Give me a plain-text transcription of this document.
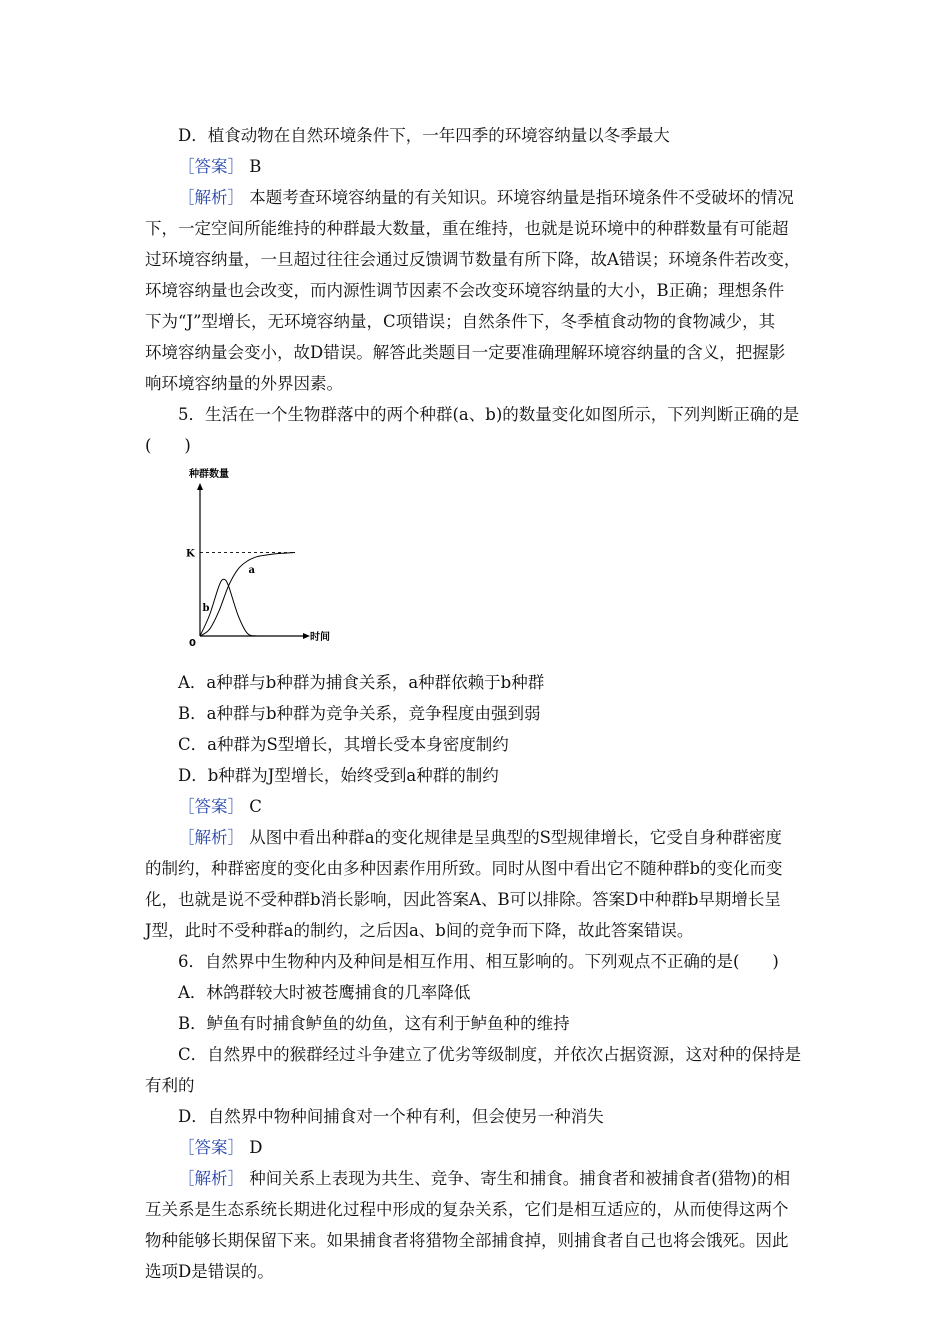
D．植食动物在自然环境条件下，一年四季的环境容纳量以冬季最大
［答案］ B
［解析］ 本题考查环境容纳量的有关知识。环境容纳量是指环境条件不受破坏的情况
下，一定空间所能维持的种群最大数量，重在维持，也就是说环境中的种群数量有可能超
过环境容纳量，一旦超过往往会通过反馈调节数量有所下降，故A错误；环境条件若改变，
环境容纳量也会改变，而内源性调节因素不会改变环境容纳量的大小，B正确；理想条件
下为“J”型增长，无环境容纳量，C项错误；自然条件下，冬季植食动物的食物减少，其
环境容纳量会变小，故D错误。解答此类题目一定要准确理解环境容纳量的含义，把握影
响环境容纳量的外界因素。
5．生活在一个生物群落中的两个种群(a、b)的数量变化如图所示，下列判断正确的是
(　　)
种群数量
时间
0
K
a
b
A．a种群与b种群为捕食关系，a种群依赖于b种群
B．a种群与b种群为竞争关系，竞争程度由强到弱
C．a种群为S型增长，其增长受本身密度制约
D．b种群为J型增长，始终受到a种群的制约
［答案］ C
［解析］ 从图中看出种群a的变化规律是呈典型的S型规律增长，它受自身种群密度
的制约，种群密度的变化由多种因素作用所致。同时从图中看出它不随种群b的变化而变
化，也就是说不受种群b消长影响，因此答案A、B可以排除。答案D中种群b早期增长呈
J型，此时不受种群a的制约，之后因a、b间的竞争而下降，故此答案错误。
6．自然界中生物种内及种间是相互作用、相互影响的。下列观点不正确的是(　　)
A．林鸽群较大时被苍鹰捕食的几率降低
B．鲈鱼有时捕食鲈鱼的幼鱼，这有利于鲈鱼种的维持
C．自然界中的猴群经过斗争建立了优劣等级制度，并依次占据资源，这对种的保持是
有利的
D．自然界中物种间捕食对一个种有利，但会使另一种消失
［答案］ D
［解析］ 种间关系上表现为共生、竞争、寄生和捕食。捕食者和被捕食者(猎物)的相
互关系是生态系统长期进化过程中形成的复杂关系，它们是相互适应的，从而使得这两个
物种能够长期保留下来。如果捕食者将猎物全部捕食掉，则捕食者自己也将会饿死。因此
选项D是错误的。
